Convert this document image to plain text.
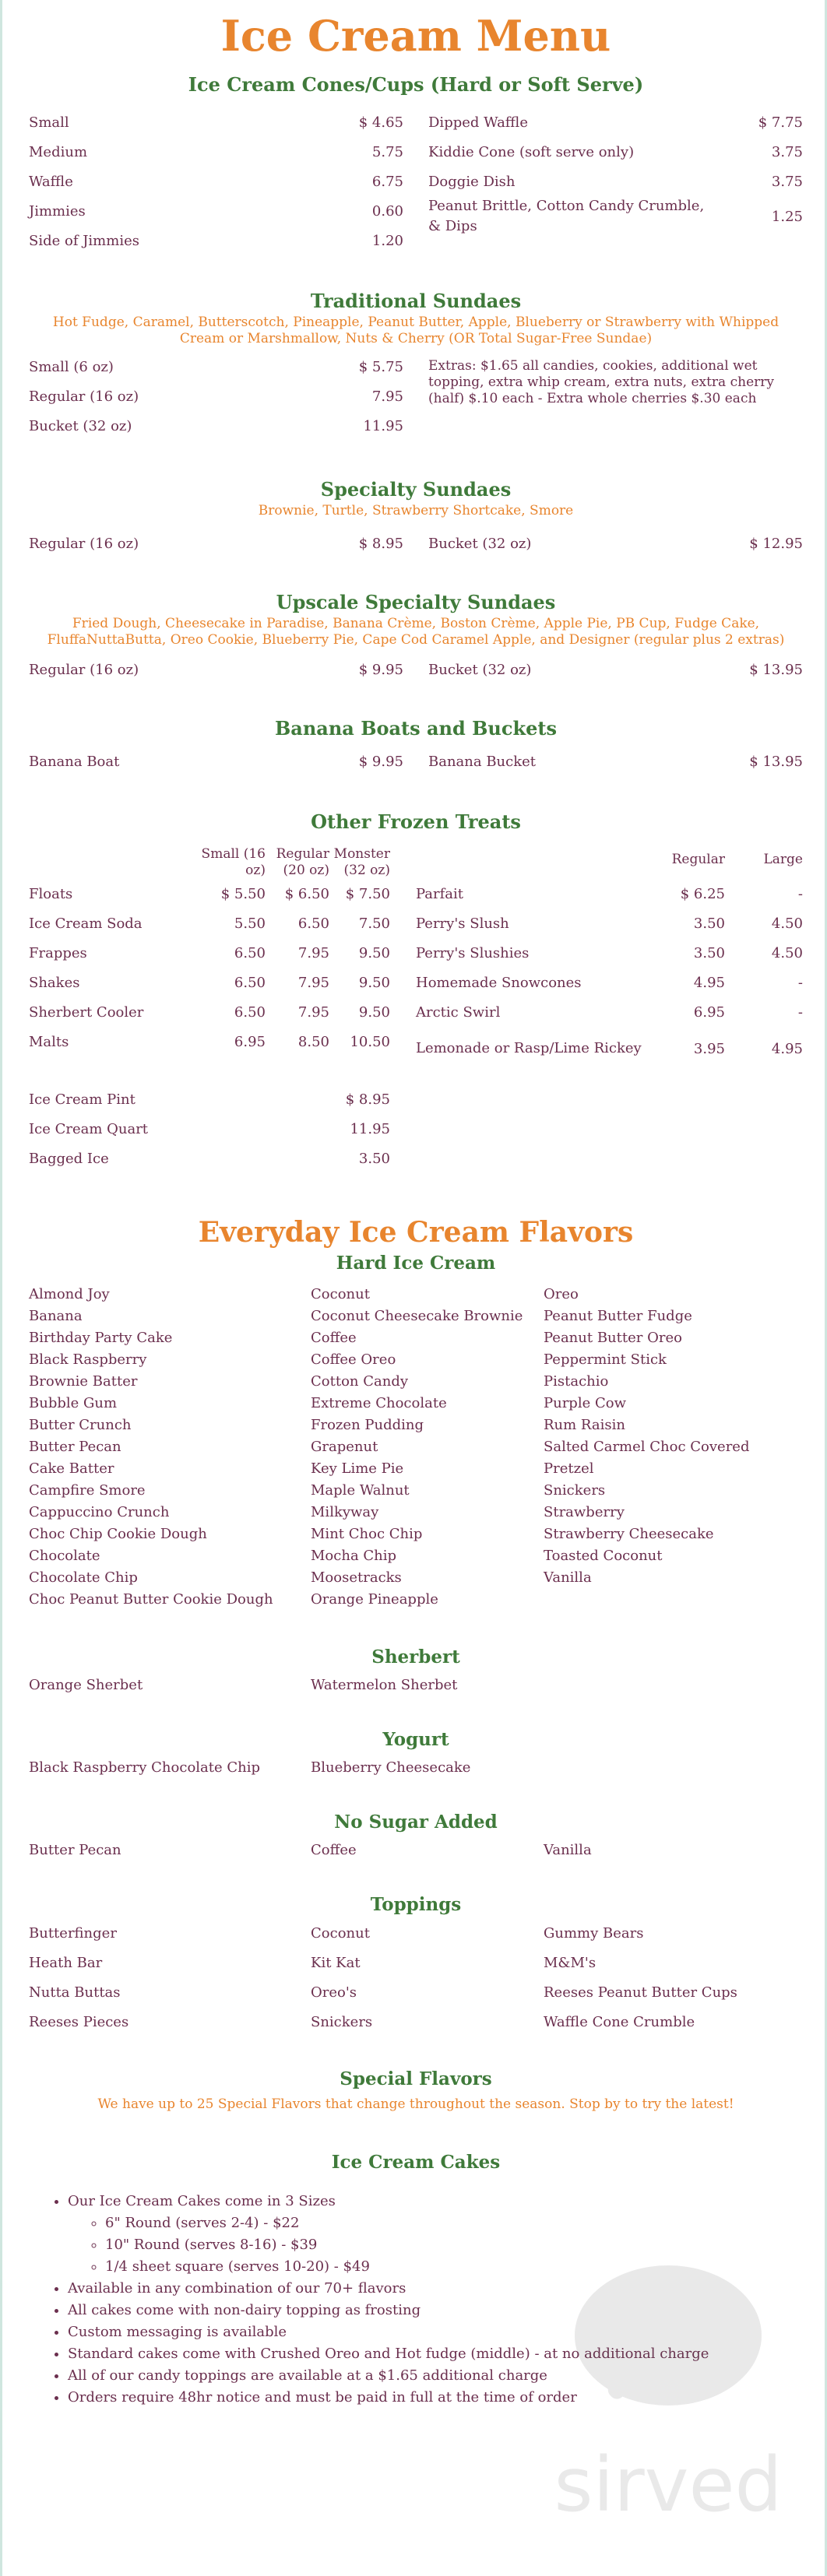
Ice Cream Menu
Ice Cream Cones/Cups (Hard or Soft Serve)
Small	$ 4.65
Medium	5.75
Waffle	6.75
Jimmies	0.60
Side of Jimmies	1.20
Dipped Waffle	$ 7.75
Kiddie Cone (soft serve only)	3.75
Doggie Dish	3.75
Peanut Brittle, Cotton Candy Crumble, & Dips
1.25
Traditional Sundaes

Hot Fudge, Caramel, Butterscotch, Pineapple, Peanut Butter, Apple, Blueberry or Strawberry with Whipped Cream or Marshmallow, Nuts & Cherry (OR Total Sugar-Free Sundae)

Small (6 oz)	$ 5.75
Regular (16 oz)	7.95
Bucket (32 oz)	11.95
Extras: $1.65 all candies, cookies, additional wet topping, extra whip cream, extra nuts, extra cherry (half) $.10 each - Extra whole cherries $.30 each
Specialty Sundaes

Brownie, Turtle, Strawberry Shortcake, Smore

Regular (16 oz)	$ 8.95 Bucket (32 oz)	$ 12.95
Upscale Specialty Sundaes

Fried Dough, Cheesecake in Paradise, Banana Crème, Boston Crème, Apple Pie, PB Cup, Fudge Cake, FluffaNuttaButta, Oreo Cookie, Blueberry Pie, Cape Cod Caramel Apple, and Designer (regular plus 2 extras)

Regular (16 oz)	$ 9.95 Bucket (32 oz)	$ 13.95
Banana Boats and Buckets
Banana Boat	$ 9.95 Banana Bucket	$ 13.95
Other Frozen Treats
	Small (16 oz)	Regular (20 oz)	Monster (32 oz)
Floats	$ 5.50	$ 6.50	$ 7.50
Ice Cream Soda	5.50	6.50	7.50
Frappes	6.50	7.95	9.50
Shakes	6.50	7.95	9.50
Sherbert Cooler	6.50	7.95	9.50
Malts	6.95	8.50	10.50
Ice Cream Pint	$ 8.95
Ice Cream Quart	11.95
Bagged Ice	3.50
	Regular	Large
Parfait	$ 6.25	-
Perry's Slush	3.50	4.50
Perry's Slushies	3.50	4.50
Homemade Snowcones	4.95	-
Arctic Swirl	6.95	-
Lemonade or Rasp/Lime Rickey	3.95	4.95
Everyday Ice Cream Flavors
Hard Ice Cream
Almond Joy
Banana
Birthday Party Cake
Black Raspberry
Brownie Batter
Bubble Gum
Butter Crunch
Butter Pecan
Cake Batter
Campfire Smore
Cappuccino Crunch
Choc Chip Cookie Dough
Chocolate
Chocolate Chip
Choc Peanut Butter Cookie Dough
Coconut
Coconut Cheesecake Brownie
Coffee
Coffee Oreo
Cotton Candy
Extreme Chocolate
Frozen Pudding
Grapenut
Key Lime Pie
Maple Walnut
Milkyway
Mint Choc Chip
Mocha Chip
Moosetracks
Orange Pineapple
Oreo
Peanut Butter Fudge
Peanut Butter Oreo
Peppermint Stick
Pistachio
Purple Cow
Rum Raisin
Salted Carmel Choc Covered Pretzel
Snickers
Strawberry
Strawberry Cheesecake
Toasted Coconut
Vanilla
Sherbert
Orange Sherbet	Watermelon Sherbet
Yogurt
Black Raspberry Chocolate Chip	Blueberry Cheesecake
No Sugar Added
Butter Pecan	Coffee	Vanilla
Toppings
Butterfinger
Heath Bar
Nutta Buttas
Reeses Pieces
Coconut
Kit Kat
Oreo's
Snickers
Gummy Bears
M&M's
Reeses Peanut Butter Cups
Waffle Cone Crumble
Special Flavors

We have up to 25 Special Flavors that change throughout the season. Stop by to try the latest!

Ice Cream Cakes
• Our Ice Cream Cakes come in 3 Sizes
◦ 6" Round (serves 2-4) - $22
◦ 10" Round (serves 8-16) - $39
◦ 1/4 sheet square (serves 10-20) - $49
• Available in any combination of our 70+ flavors
• All cakes come with non-dairy topping as frosting
• Custom messaging is available
• Standard cakes come with Crushed Oreo and Hot fudge (middle) - at no additional charge
• All of our candy toppings are available at a $1.65 additional charge
• Orders require 48hr notice and must be paid in full at the time of order
sirved
